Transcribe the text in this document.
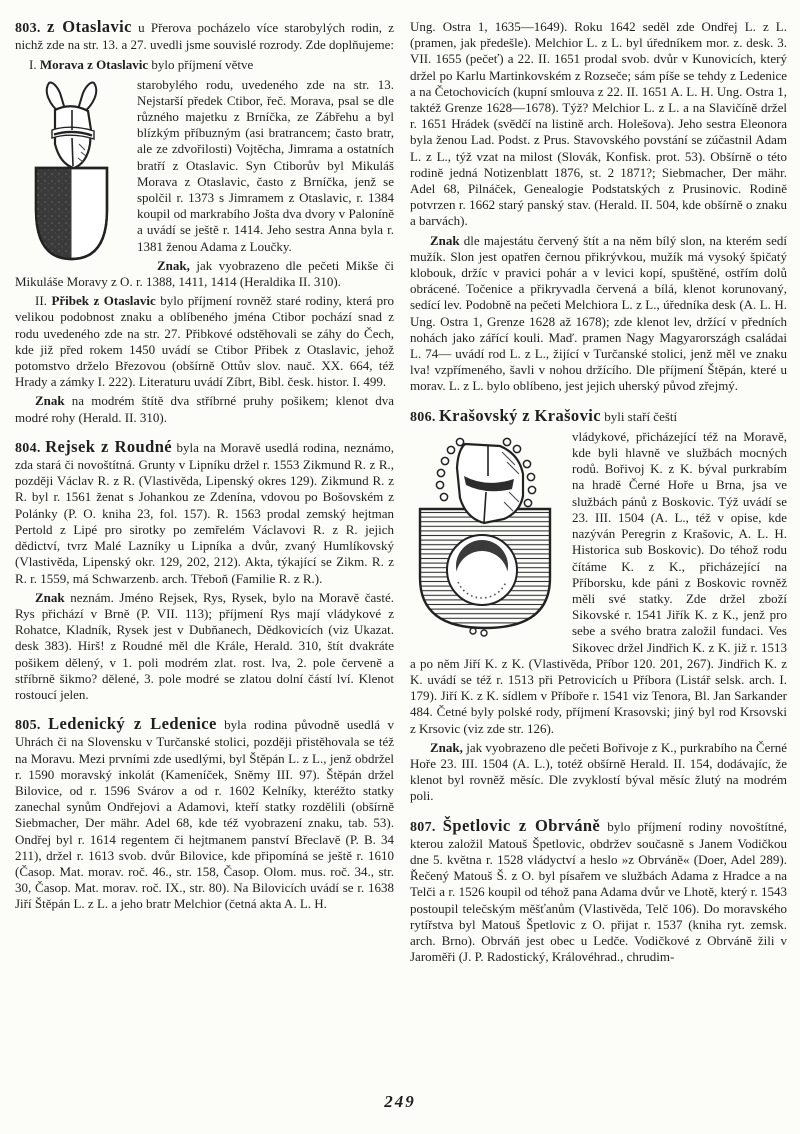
803. z Otaslavic u Přerova pocházelo více starobylých rodin, z nichž zde na str. 13. a 27. uvedli jsme souvislé rozrody. Zde doplňujeme:

I. Morava z Otaslavic bylo příjmení větve

starobylého rodu, uvedeného zde na str. 13. Nejstarší předek Ctibor, řeč. Morava, psal se dle různého majetku z Brníčka, ze Zábřehu a byl blízkým příbuzným (asi bratrancem; často bratr, ale ze zdvořilosti) Vojtěcha, Jimrama a ostatních bratří z Otaslavic. Syn Ctiborův byl Mikuláš Morava z Otaslavic, často z Brníčka, jenž se spolčil r. 1373 s Jimramem z Otaslavic, r. 1384 koupil od markrabího Jošta dva dvory v Paloníně a uvádí se ještě r. 1414. Jeho sestra Anna byla r. 1381 ženou Adama z Loučky.

Znak, jak vyobrazeno dle pečeti Mikše či Mikuláše Moravy z O. r. 1388, 1411, 1414 (Heraldika II. 310).

II. Přibek z Otaslavic bylo příjmení rovněž staré rodiny, která pro velikou podobnost znaku a oblíbeného jména Ctibor pochází snad z rodu uvedeného zde na str. 27. Přibkové odstěhovali se záhy do Čech, kde již před rokem 1450 uvádí se Ctibor Přibek z Otaslavic, jehož potomstvo drželo Březovou (obšírně Ottův slov. nauč. XX. 664, též Hrady a zámky I. 222). Literaturu uvádí Zíbrt, Bibl. česk. histor. I. 499.

Znak na modrém štítě dva stříbrné pruhy pošikem; klenot dva modré rohy (Herald. II. 310).

804. Rejsek z Roudné byla na Moravě usedlá rodina, neznámo, zda stará či novoštítná. Grunty v Lipníku držel r. 1553 Zikmund R. z R., později Václav R. z R. (Vlastivěda, Lipenský okres 129). Zikmund R. z R. byl r. 1561 ženat s Johankou ze Zdenína, vdovou po Bošovském z Polánky (P. O. kniha 23, fol. 157). R. 1563 prodal zemský hejtman Pertold z Lipé pro sirotky po zemřelém Václavovi R. z R. jejich dědictví, tvrz Malé Lazníky u Lipníka a dvůr, zvaný Humlíkovský (Vlastivěda, Lipenský okr. 129, 202, 212). Akta, týkající se Zikm. R. z R. r. 1559, má Schwarzenb. arch. Třeboň (Familie R. z R.).

Znak neznám. Jméno Rejsek, Rys, Rysek, bylo na Moravě časté. Rys přichází v Brně (P. VII. 113); příjmení Rys mají vládykové z Rohatce, Kladník, Rysek jest v Dubňanech, Dědkovicích (viz Ukazat. desk 383). Hirš! z Roudné měl dle Krále, Herald. 310, štít dvakráte pošikem dělený, v 1. poli modrém zlat. rost. lva, 2. pole červeně a stříbrně šikmo? dělené, 3. pole modré se zlatou dolní částí lví. Klenot rostoucí jelen.

805. Ledenický z Ledenice byla rodina původně usedlá v Uhrách či na Slovensku v Turčanské stolici, později přistěhovala se též na Moravu. Mezi prvními zde usedlými, byl Štěpán L. z L., jenž obdržel r. 1590 moravský inkolát (Kameníček, Sněmy III. 97). Štěpán držel Bilovice, od r. 1596 Svárov a od r. 1602 Kelníky, kteréžto statky zanechal synům Ondřejovi a Adamovi, kteří statky rozdělili (obšírně Siebmacher, Der mähr. Adel 68, kde též vyobrazení znaku, tab. 53). Ondřej byl r. 1614 regentem či hejtmanem panství Břeclavě (P. B. 34 211), držel r. 1613 svob. dvůr Bilovice, kde připomíná se ještě r. 1610 (Časop. Mat. morav. roč. 46., str. 158, Časop. Olom. mus. roč. 34., str. 30, Časop. Mat. morav. roč. IX., str. 80). Na Bilovicích uvádí se r. 1638 Jiří Štěpán L. z L. a jeho bratr Melchior (četná akta A. L. H.

Ung. Ostra 1, 1635—1649). Roku 1642 seděl zde Ondřej L. z L. (pramen, jak předešle). Melchior L. z L. byl úředníkem mor. z. desk. 3. VII. 1655 (pečeť) a 22. II. 1651 prodal svob. dvůr v Kunovicích, který držel po Karlu Martinkovském z Rozseče; sám píše se tehdy z Ledenice a na Četochovicích (kupní smlouva z 22. II. 1651 A. L. H. Ung. Ostra 1, taktéž Grenze 1628—1678). Týž? Melchior L. z L. a na Slavičíně držel r. 1651 Hrádek (svědčí na listině arch. Holešova). Jeho sestra Eleonora byla ženou Lad. Podst. z Prus. Stavovského povstání se zúčastnil Adam L. z L., týž vzat na milost (Slovák, Konfisk. prot. 53). Obšírně o této rodině jedná Notizenblatt 1876, st. 2 1871?; Siebmacher, Der mähr. Adel 68, Pilnáček, Genealogie Podstatských z Prusinovic. Rodině potvrzen r. 1662 starý panský stav. (Herald. II. 504, kde obšírně o znaku a barvách).

Znak dle majestátu červený štít a na něm bílý slon, na kterém sedí mužík. Slon jest opatřen černou přikrývkou, mužík má vysoký špičatý klobouk, držíc v pravici pohár a v levici kopí, spuštěné, ostřím dolů obrácené. Točenice a přikryvadla červená a bílá, klenot korunovaný, sedící lev. Podobně na pečeti Melchiora L. z L., úředníka desk (A. L. H. Ung. Ostra 1, Grenze 1628 až 1678); zde klenot lev, držící v předních nohách jako zářící kouli. Maď. pramen Nagy Magyarországh családai L. 74— uvádí rod L. z L., žijící v Turčanské stolici, jenž měl ve znaku lva! vzpřímeného, šavli v nohou držícího. Dle příjmení Štěpán, které u morav. L. z L. bylo oblíbeno, jest jejich uherský původ zřejmý.

806. Krašovský z Krašovic byli staří čeští

vládykové, přicházející též na Moravě, kde byli hlavně ve službách mocných rodů. Bořivoj K. z K. býval purkrabím na hradě Černé Hoře u Brna, jsa ve službách pánů z Boskovic. Týž uvádí se 23. III. 1504 (A. L., též v opise, kde nazýván Peregrin z Krašovic, A. L. H. Historica sub Boskovic). Do téhož rodu čítáme K. z K., přicházející na Příborsku, kde páni z Boskovic rovněž měli své statky. Zde držel zboží Sikovské r. 1541 Jiřík K. z K., jenž pro sebe a svého bratra založil fundaci. Ves Sikovec držel Jindřich K. z K. již r. 1513 a po něm Jiří K. z K. (Vlastivěda, Příbor 120. 201, 267). Jindřich K. z K. uvádí se též r. 1513 při Petrovicích u Příbora (Listář selsk. arch. I. 179). Jiří K. z K. sídlem v Příboře r. 1541 viz Tenora, Bl. Jan Sarkander 484. Četné byly polské rody, příjmení Krasovski; jiný byl rod Krsovski z Krsovic (viz zde str. 126).

Znak, jak vyobrazeno dle pečeti Bořivoje z K., purkrabího na Černé Hoře 23. III. 1504 (A. L.), totéž obšírně Herald. II. 154, dodávajíc, že klenot byl rovněž měsíc. Dle zvyklostí býval měsíc žlutý na modrém poli.

807. Špetlovic z Obrváně bylo příjmení rodiny novoštítné, kterou založil Matouš Špetlovic, obdržev současně s Janem Vodičkou dne 5. května r. 1528 vládyctví a heslo »z Obrváně« (Doer, Adel 289). Řečený Matouš Š. z O. byl písařem ve službách Adama z Hradce a na Telči a r. 1526 koupil od téhož pana Adama dvůr ve Lhotě, který r. 1543 postoupil telečským měšťanům (Vlastivěda, Telč 106). Do moravského rytířstva byl Matouš Špetlovic z O. přijat r. 1537 (kniha ryt. zemsk. arch. Brno). Obrváň jest obec u Ledče. Vodičkové z Obrváně žili v Jaroměři (J. P. Radostický, Královéhrad., chrudim-

249
